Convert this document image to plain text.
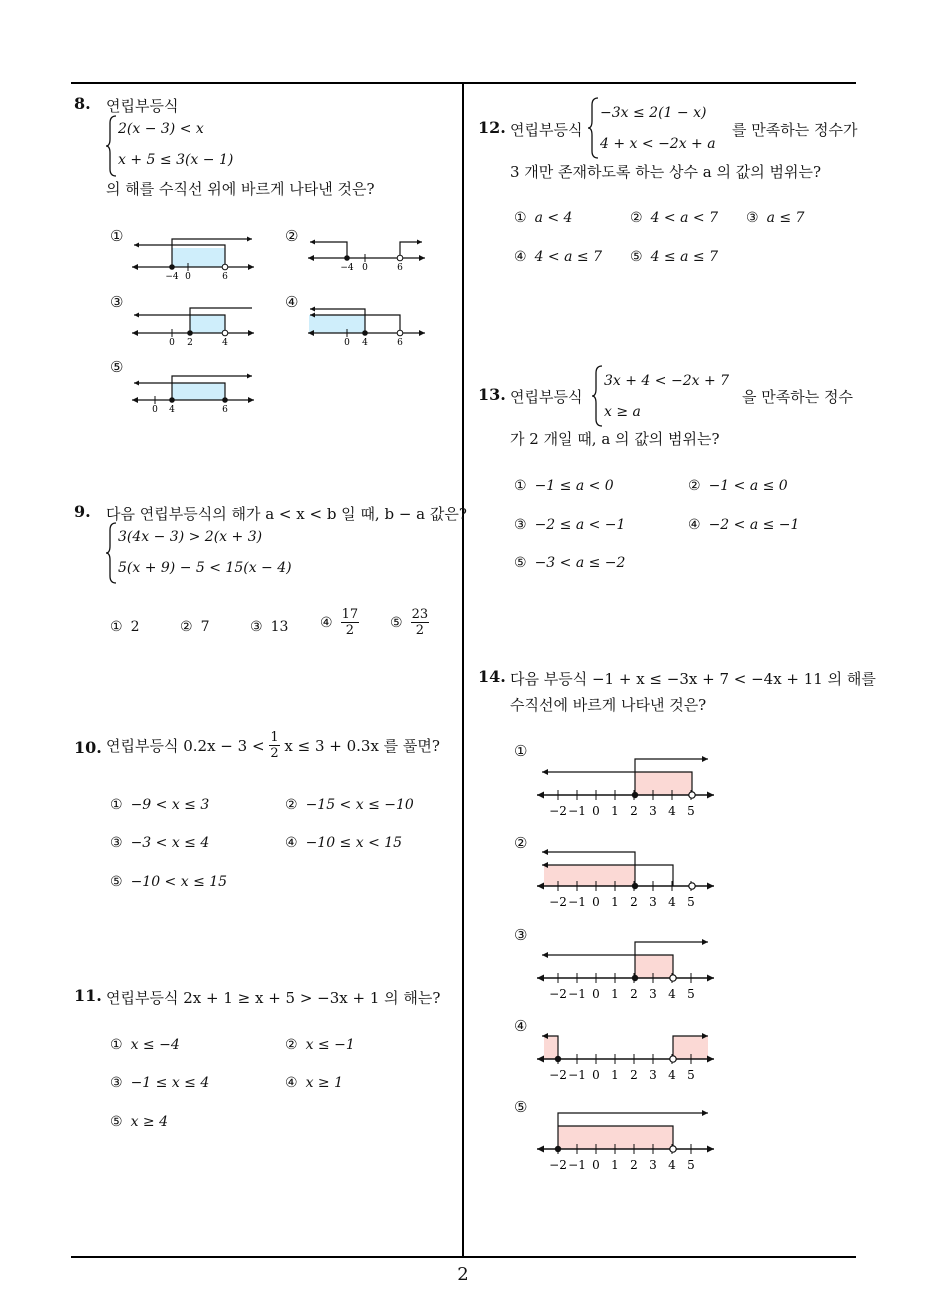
8. 연립부등식
2(x − 3) < x
x + 5 ≤ 3(x − 1)
의 해를 수직선 위에 바르게 나타낸 것은?
①
−4 0	6
②
−4 0	6
③
0 2	4
④
0 4	6
⑤
0 4	6
9. 다음 연립부등식의 해가 a < x < b 일 때, b − a 값은?
3(4x − 3) > 2(x + 3)
5(x + 9) − 5 < 15(x − 4)
① 2	② 7	③ 13 ④ $\frac{17}{2}$ ⑤ $\frac{23}{2}$
10. 연립부등식 $0.2x - 3 < \frac{1}{2}$ x ≤ 3 + 0.3x 를 풀면?
① −9 < x ≤ 3	② −15 < x ≤ −10
③ −3 < x ≤ 4	④ −10 ≤ x < 15
⑤ −10 < x ≤ 15
11. 연립부등식 2x + 1 ≥ x + 5 > −3x + 1 의 해는?
① x ≤ −4	② x ≤ −1
③ −1 ≤ x ≤ 4	④ x ≥ 1
⑤ x ≥ 4
12. 연립부등식
−3x ≤ 2(1 − x)
4 + x < −2x + a
를 만족하는 정수가
3 개만 존재하도록 하는 상수 a 의 값의 범위는?
① a < 4	② 4 < a < 7 ③ a ≤ 7
④ 4 < a ≤ 7 ⑤ 4 ≤ a ≤ 7
13. 연립부등식
3x + 4 < −2x + 7
x ≥ a
을 만족하는 정수
가 2 개일 때, a 의 값의 범위는?
① −1 ≤ a < 0	② −1 < a ≤ 0
③ −2 ≤ a < −1	④ −2 < a ≤ −1
⑤ −3 < a ≤ −2
14. 다음 부등식 −1 + x ≤ −3x + 7 < −4x + 11 의 해를
수직선에 바르게 나타낸 것은?
①
−2 −1 0 1 2 3 4 5
②
−2 −1 0 1 2 3 4 5
③
−2 −1 0 1 2 3 4 5
④
−2 −1 0 1 2 3 4 5
⑤
−2 −1 0 1 2 3 4 5
2
